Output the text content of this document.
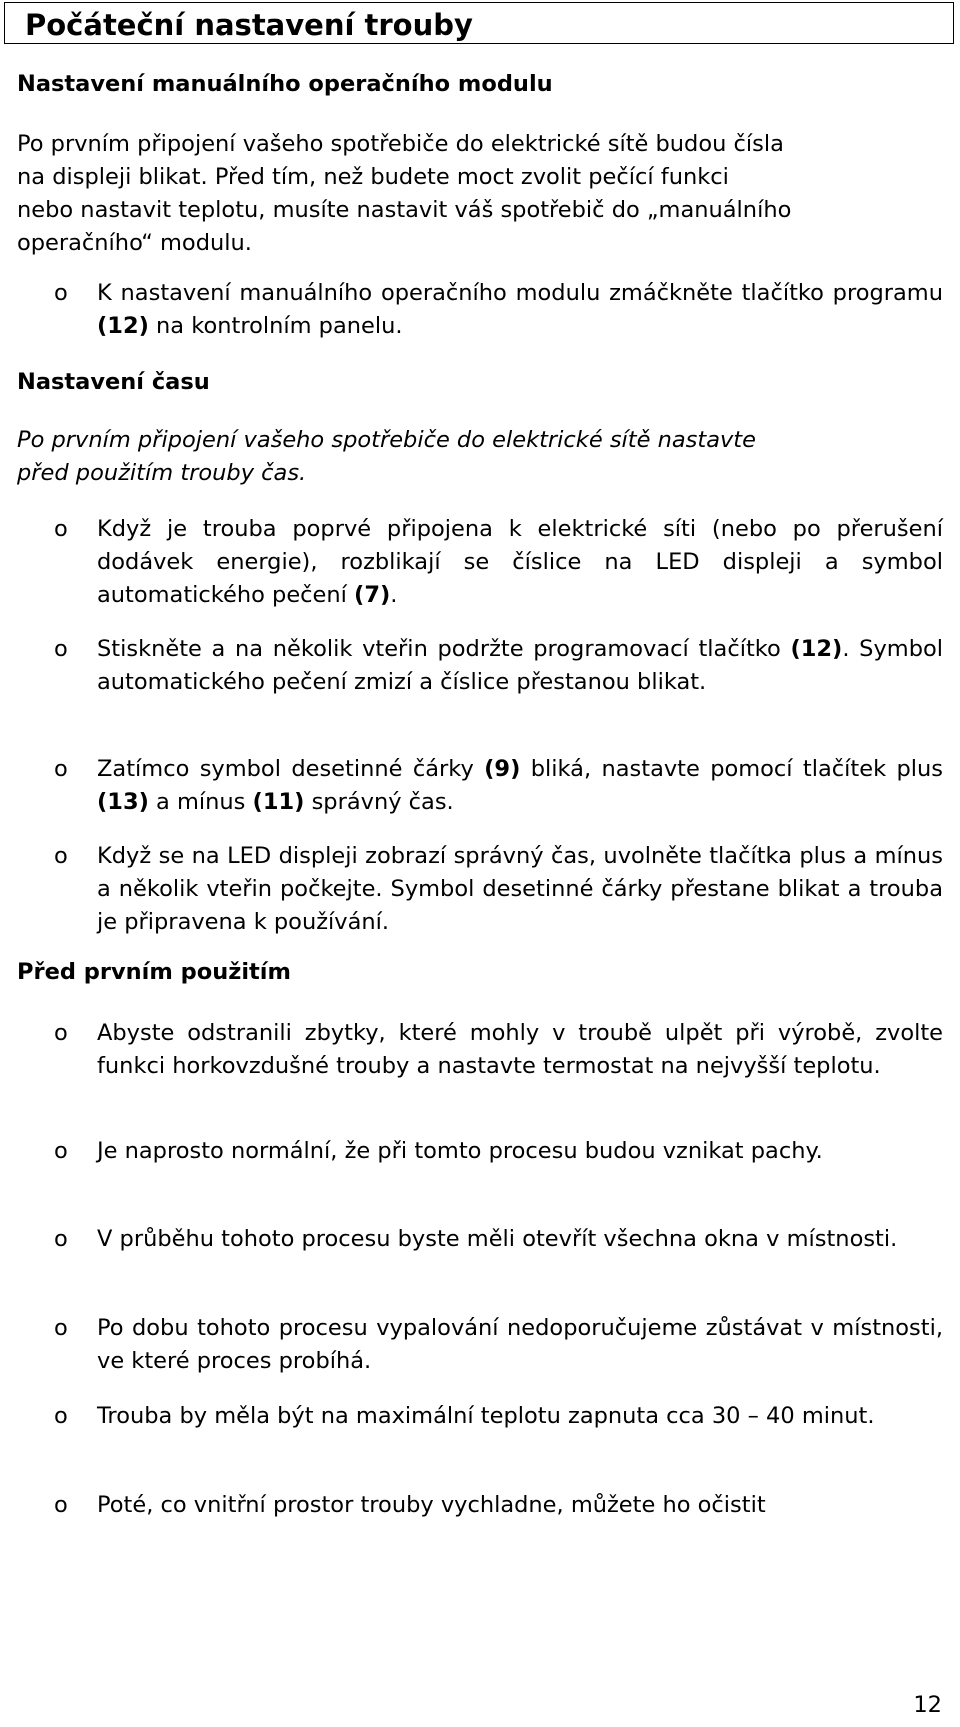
Počáteční nastavení trouby
Nastavení manuálního operačního modulu
Po prvním připojení vašeho spotřebiče do elektrické sítě budou čísla
na displeji blikat. Před tím, než budete moct zvolit pečící funkci
nebo nastavit teplotu, musíte nastavit váš spotřebič do „manuálního
operačního“ modulu.
o K nastavení manuálního operačního modulu zmáčkněte tlačítko programu (12) na kontrolním panelu.
Nastavení času
Po prvním připojení vašeho spotřebiče do elektrické sítě nastavte
před použitím trouby čas.
o Když je trouba poprvé připojena k elektrické síti (nebo po přerušení dodávek energie), rozblikají se číslice na LED displeji a symbol automatického pečení (7).
o Stiskněte a na několik vteřin podržte programovací tlačítko (12). Symbol automatického pečení zmizí a číslice přestanou blikat.
o Zatímco symbol desetinné čárky (9) bliká, nastavte pomocí tlačítek plus (13) a mínus (11) správný čas.
o Když se na LED displeji zobrazí správný čas, uvolněte tlačítka plus a mínus a několik vteřin počkejte. Symbol desetinné čárky přestane blikat a trouba je připravena k používání.
Před prvním použitím
o Abyste odstranili zbytky, které mohly v troubě ulpět při výrobě, zvolte funkci horkovzdušné trouby a nastavte termostat na nejvyšší teplotu.
o Je naprosto normální, že při tomto procesu budou vznikat pachy.
o V průběhu tohoto procesu byste měli otevřít všechna okna v místnosti.
o Po dobu tohoto procesu vypalování nedoporučujeme zůstávat v místnosti, ve které proces probíhá.
o Trouba by měla být na maximální teplotu zapnuta cca 30 – 40 minut.
o Poté, co vnitřní prostor trouby vychladne, můžete ho očistit
12
